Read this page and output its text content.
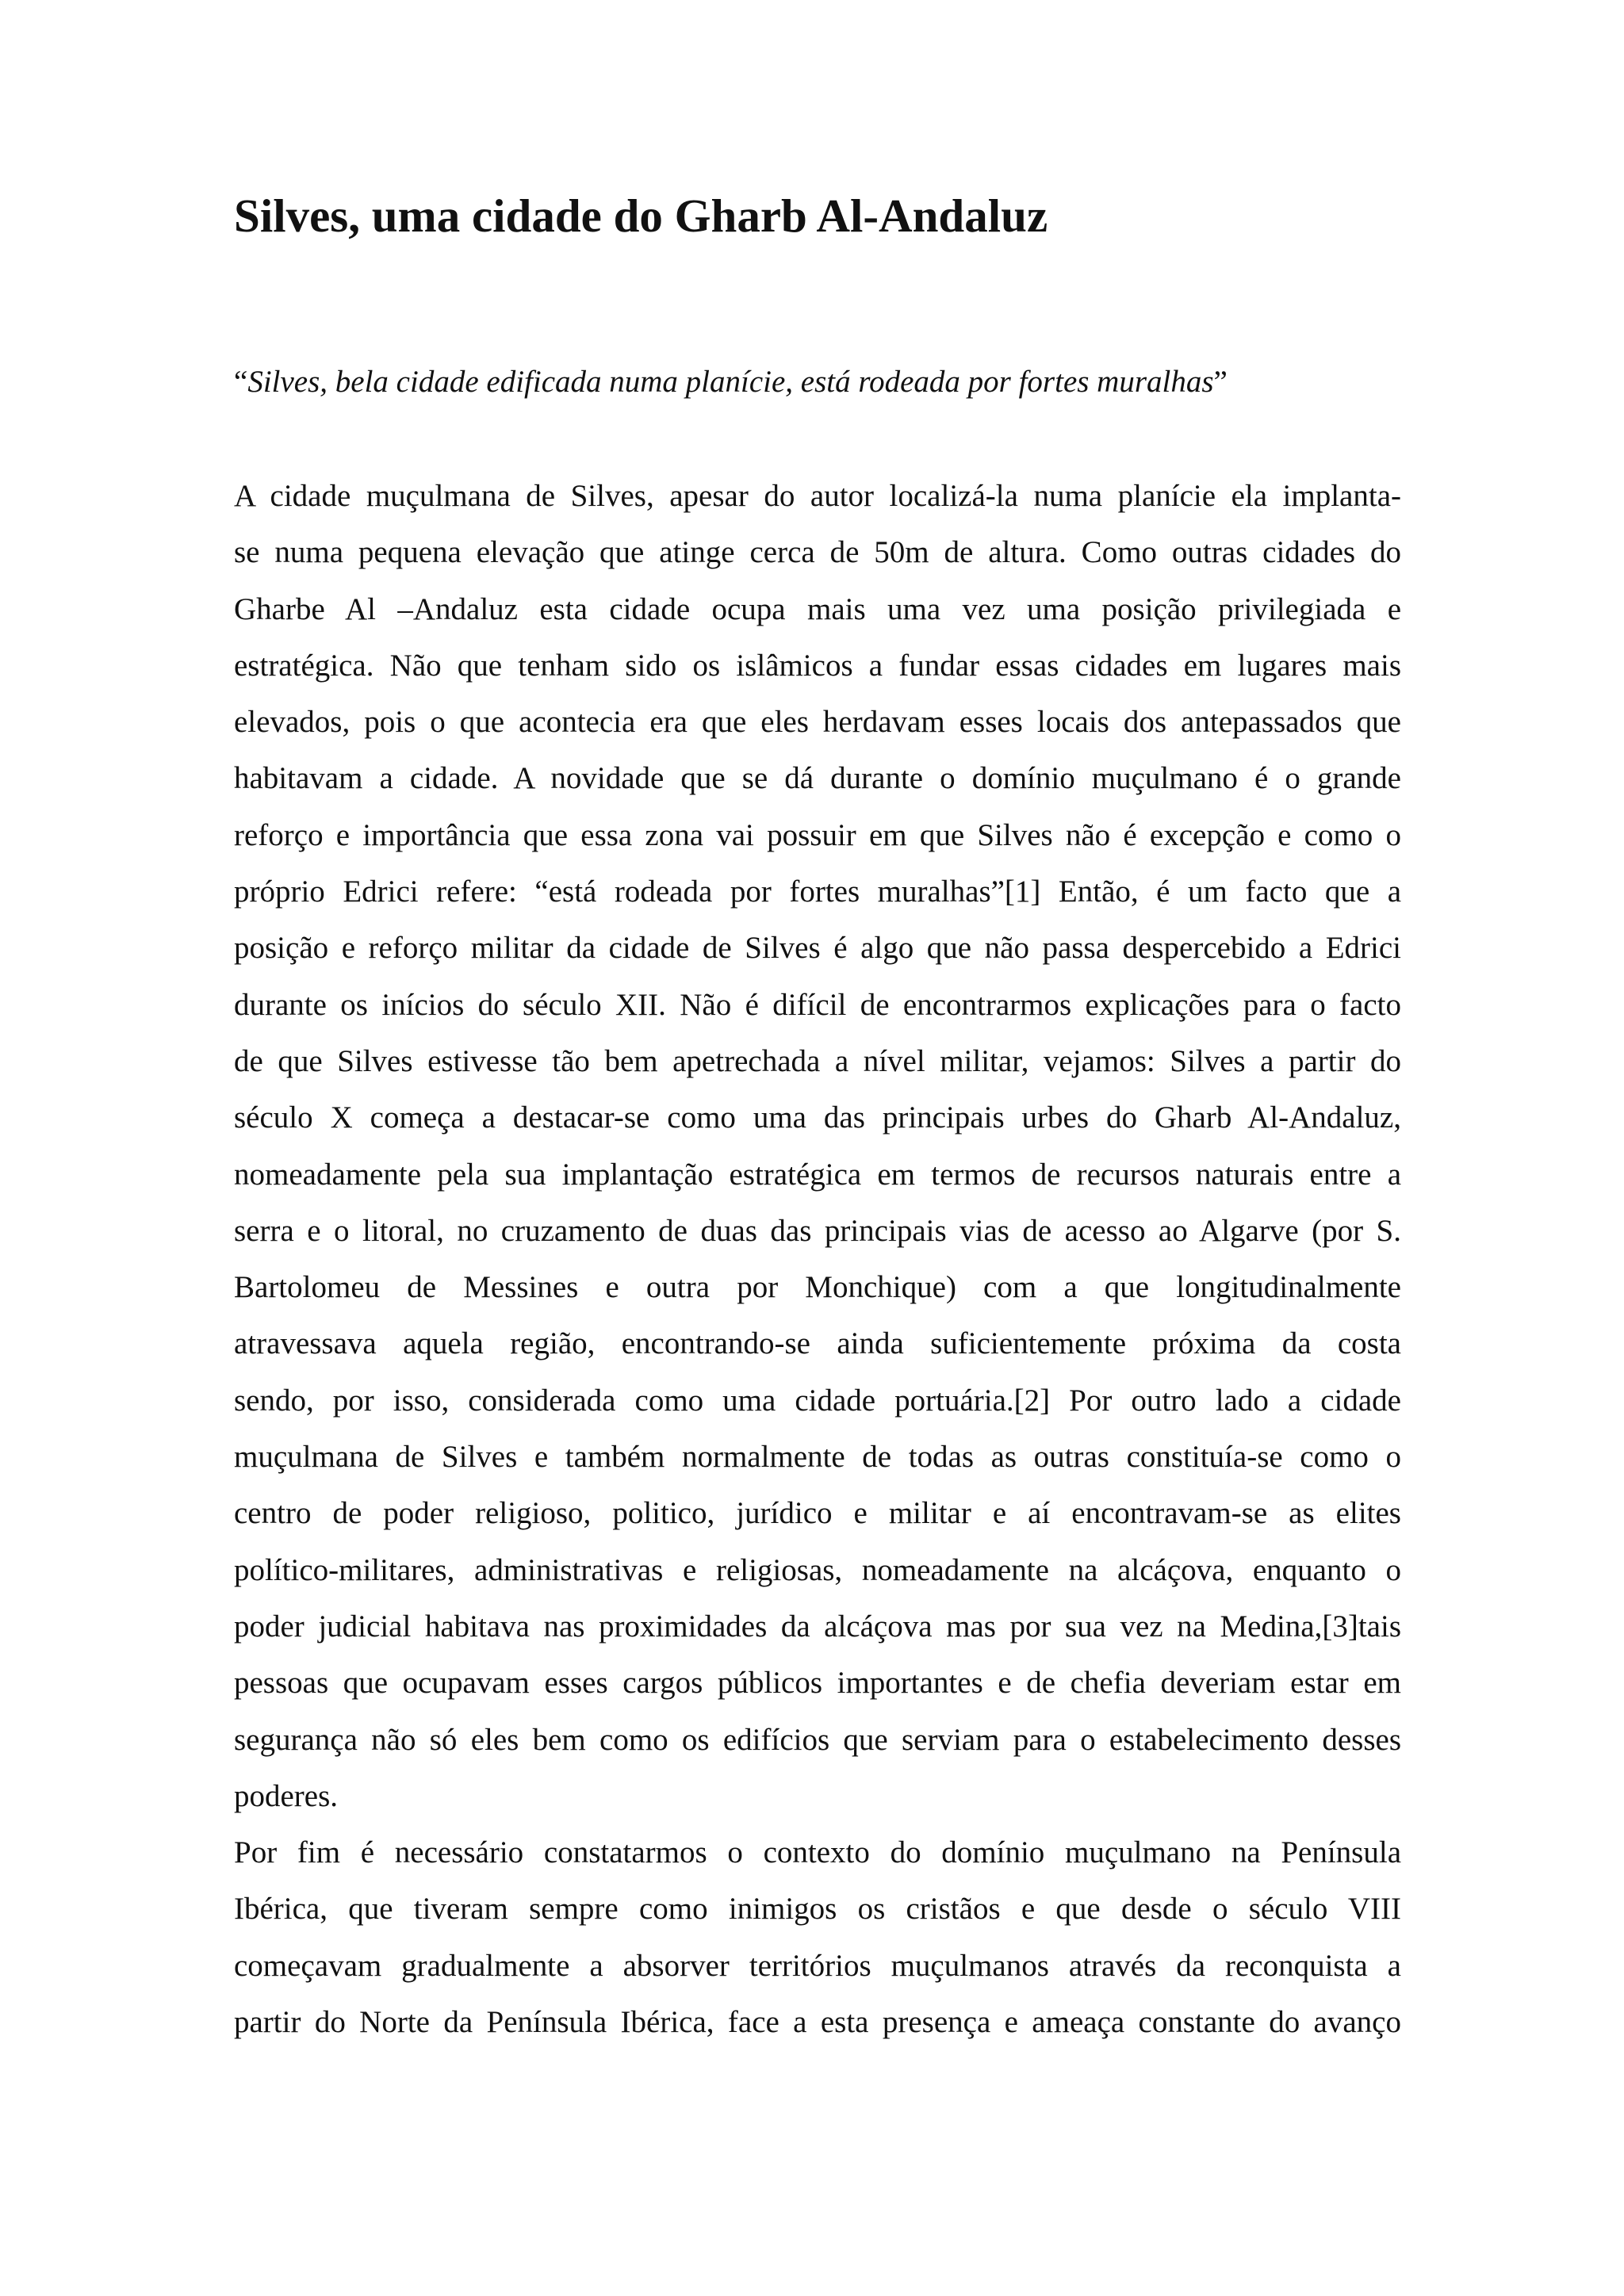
Silves, uma cidade do Gharb Al-Andaluz

“Silves, bela cidade edificada numa planície, está rodeada por fortes muralhas”

A cidade muçulmana de Silves, apesar do autor localizá-la numa planície ela implanta-
se numa pequena elevação que atinge cerca de 50m de altura. Como outras cidades do
Gharbe Al –Andaluz esta cidade ocupa mais uma vez uma posição privilegiada e
estratégica. Não que tenham sido os islâmicos a fundar essas cidades em lugares mais
elevados, pois o que acontecia era que eles herdavam esses locais dos antepassados que
habitavam a cidade. A novidade que se dá durante o domínio muçulmano é o grande
reforço e importância que essa zona vai possuir em que Silves não é excepção e como o
próprio Edrici refere: “está rodeada por fortes muralhas”[1] Então, é um facto que a
posição e reforço militar da cidade de Silves é algo que não passa despercebido a Edrici
durante os inícios do século XII. Não é difícil de encontrarmos explicações para o facto
de que Silves estivesse tão bem apetrechada a nível militar, vejamos: Silves a partir do
século X começa a destacar-se como uma das principais urbes do Gharb Al-Andaluz,
nomeadamente pela sua implantação estratégica em termos de recursos naturais entre a
serra e o litoral, no cruzamento de duas das principais vias de acesso ao Algarve (por S.
Bartolomeu de Messines e outra por Monchique) com a que longitudinalmente
atravessava aquela região, encontrando-se ainda suficientemente próxima da costa
sendo, por isso, considerada como uma cidade portuária.[2] Por outro lado a cidade
muçulmana de Silves e também normalmente de todas as outras constituía-se como o
centro de poder religioso, politico, jurídico e militar e aí encontravam-se as elites
político-militares, administrativas e religiosas, nomeadamente na alcáçova, enquanto o
poder judicial habitava nas proximidades da alcáçova mas por sua vez na Medina,[3]tais
pessoas que ocupavam esses cargos públicos importantes e de chefia deveriam estar em
segurança não só eles bem como os edifícios que serviam para o estabelecimento desses
poderes.
Por fim é necessário constatarmos o contexto do domínio muçulmano na Península
Ibérica, que tiveram sempre como inimigos os cristãos e que desde o século VIII
começavam gradualmente a absorver territórios muçulmanos através da reconquista a
partir do Norte da Península Ibérica, face a esta presença e ameaça constante do avanço
